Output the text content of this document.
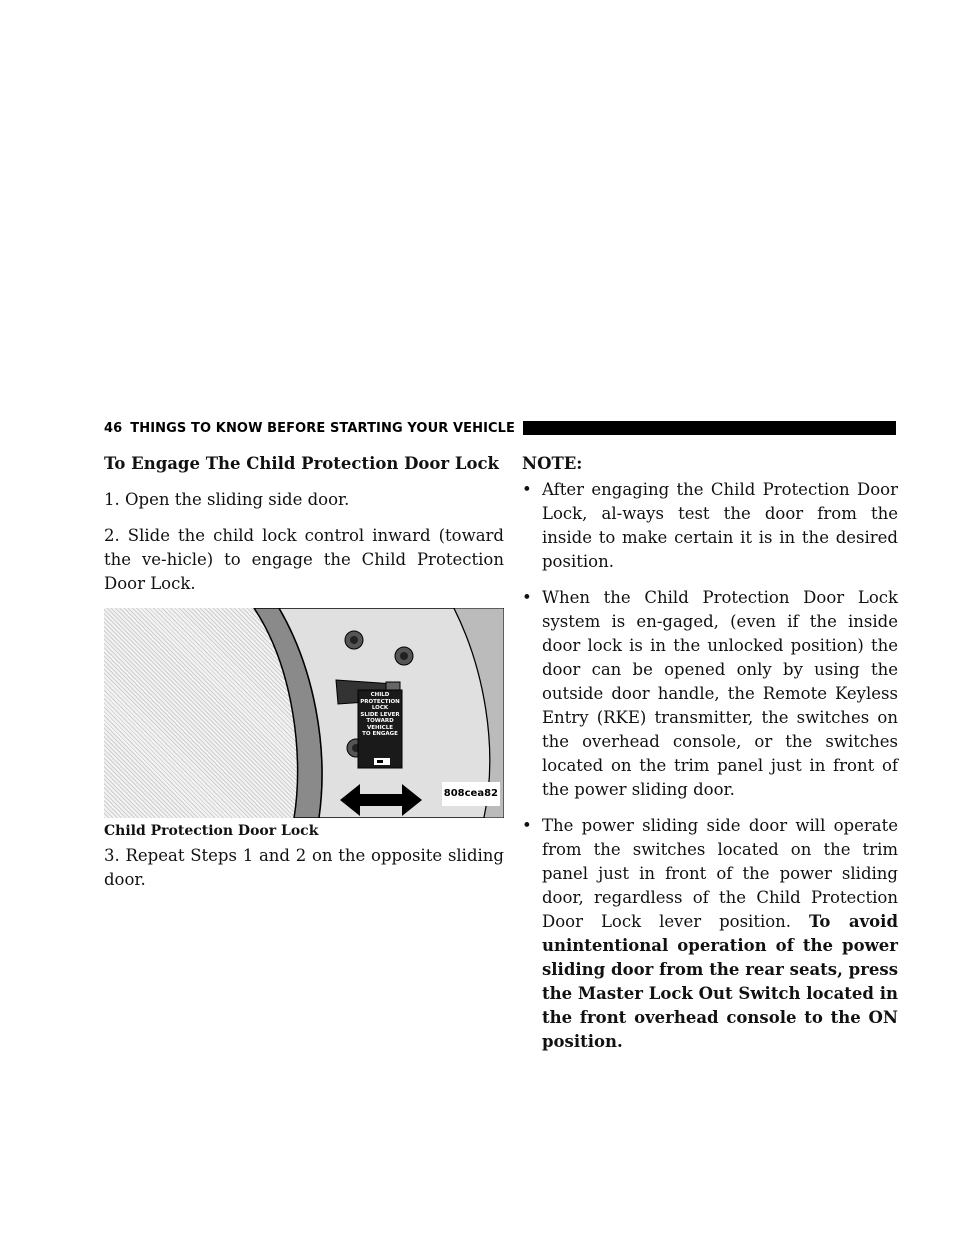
46 THINGS TO KNOW BEFORE STARTING YOUR VEHICLE
To Engage The Child Protection Door Lock

1. Open the sliding side door.

2. Slide the child lock control inward (toward the ve-hicle) to engage the Child Protection Door Lock.

CHILD
PROTECTION
LOCK
SLIDE LEVER
TOWARD
VEHICLE
TO ENGAGE
808cea82
Child Protection Door Lock

3. Repeat Steps 1 and 2 on the opposite sliding door.

NOTE:
• After engaging the Child Protection Door Lock, al-ways test the door from the inside to make certain it is in the desired position.
• When the Child Protection Door Lock system is en-gaged, (even if the inside door lock is in the unlocked position) the door can be opened only by using the outside door handle, the Remote Keyless Entry (RKE) transmitter, the switches on the overhead console, or the switches located on the trim panel just in front of the power sliding door.
• The power sliding side door will operate from the switches located on the trim panel just in front of the power sliding door, regardless of the Child Protection Door Lock lever position. To avoid unintentional operation of the power sliding door from the rear seats, press the Master Lock Out Switch located in the front overhead console to the ON position.
